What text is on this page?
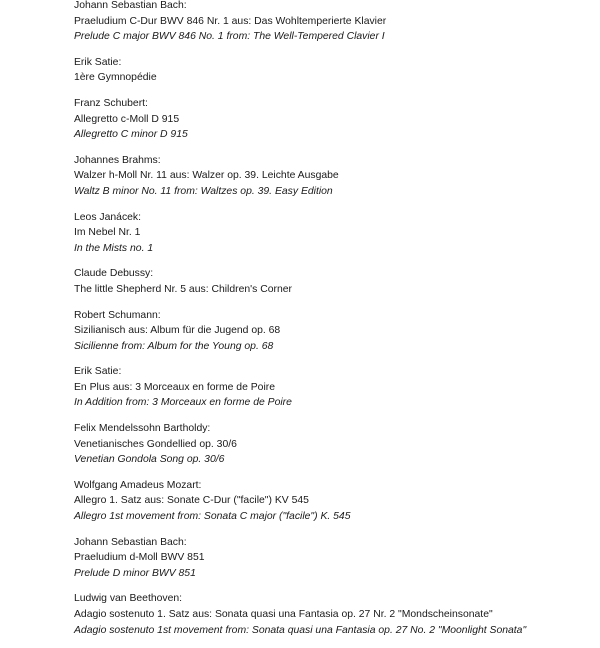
Johann Sebastian Bach:
Praeludium C-Dur BWV 846 Nr. 1 aus: Das Wohltemperierte Klavier
Prelude C major BWV 846 No. 1 from: The Well-Tempered Clavier I
Erik Satie:
1ère Gymnopédie
Franz Schubert:
Allegretto c-Moll D 915
Allegretto C minor D 915
Johannes Brahms:
Walzer h-Moll Nr. 11 aus: Walzer op. 39. Leichte Ausgabe
Waltz B minor No. 11 from: Waltzes op. 39. Easy Edition
Leos Janácek:
Im Nebel Nr. 1
In the Mists no. 1
Claude Debussy:
The little Shepherd Nr. 5 aus: Children's Corner
Robert Schumann:
Sizilianisch aus: Album für die Jugend op. 68
Sicilienne from: Album for the Young op. 68
Erik Satie:
En Plus aus: 3 Morceaux en forme de Poire
In Addition from: 3 Morceaux en forme de Poire
Felix Mendelssohn Bartholdy:
Venetianisches Gondellied op. 30/6
Venetian Gondola Song op. 30/6
Wolfgang Amadeus Mozart:
Allegro 1. Satz aus: Sonate C-Dur ("facile") KV 545
Allegro 1st movement from: Sonata C major ("facile") K. 545
Johann Sebastian Bach:
Praeludium d-Moll BWV 851
Prelude D minor BWV 851
Ludwig van Beethoven:
Adagio sostenuto 1. Satz aus: Sonata quasi una Fantasia op. 27 Nr. 2 "Mondscheinsonate"
Adagio sostenuto 1st movement from: Sonata quasi una Fantasia op. 27 No. 2 "Moonlight Sonata"
